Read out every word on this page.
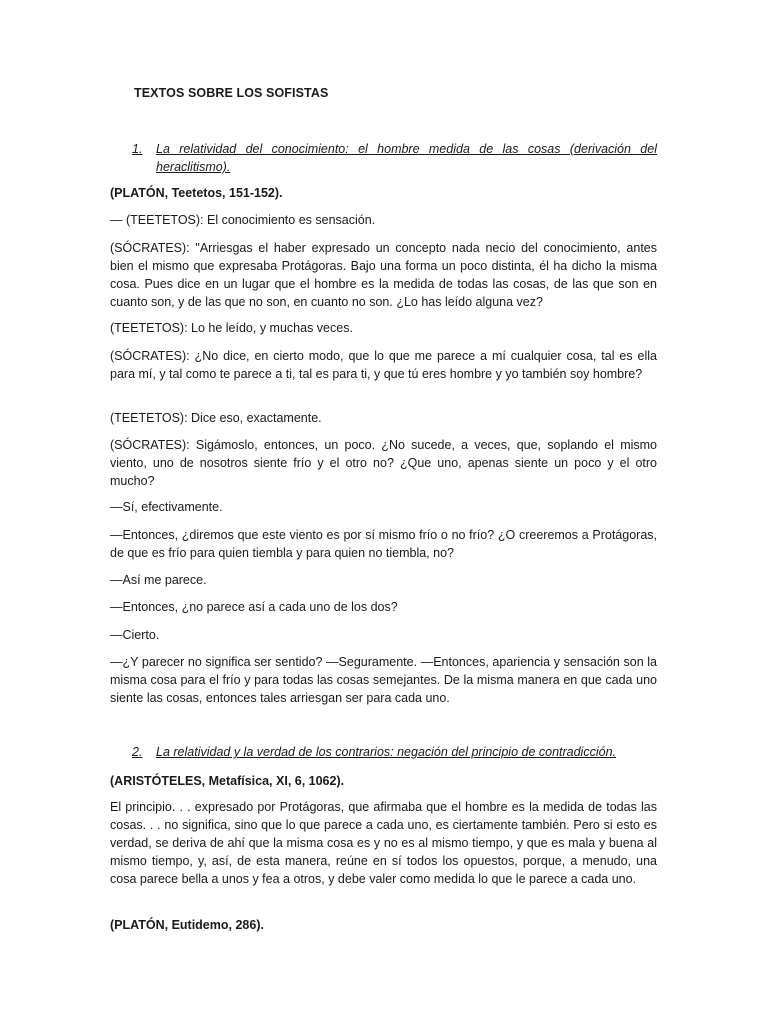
TEXTOS SOBRE LOS SOFISTAS
1. La relatividad del conocimiento: el hombre medida de las cosas (derivación del heraclitismo).
(PLATÓN, Teetetos, 151-152).
— (TEETETOS): El conocimiento es sensación.
(SÓCRATES): "Arriesgas el haber expresado un concepto nada necio del conocimiento, antes bien el mismo que expresaba Protágoras. Bajo una forma un poco distinta, él ha dicho la misma cosa. Pues dice en un lugar que el hombre es la medida de todas las cosas, de las que son en cuanto son, y de las que no son, en cuanto no son. ¿Lo has leído alguna vez?
(TEETETOS): Lo he leído, y muchas veces.
(SÓCRATES): ¿No dice, en cierto modo, que lo que me parece a mí cualquier cosa, tal es ella para mí, y tal como te parece a ti, tal es para ti, y que tú eres hombre y yo también soy hombre?
(TEETETOS): Dice eso, exactamente.
(SÓCRATES): Sigámoslo, entonces, un poco. ¿No sucede, a veces, que, soplando el mismo viento, uno de nosotros siente frío y el otro no? ¿Que uno, apenas siente un poco y el otro mucho?
—Sí, efectivamente.
—Entonces, ¿diremos que este viento es por sí mismo frío o no frío? ¿O creeremos a Protágoras, de que es frío para quien tiembla y para quien no tiembla, no?
—Así me parece.
—Entonces, ¿no parece así a cada uno de los dos?
—Cierto.
—¿Y parecer no significa ser sentido? —Seguramente. —Entonces, apariencia y sensación son la misma cosa para el frío y para todas las cosas semejantes. De la misma manera en que cada uno siente las cosas, entonces tales arriesgan ser para cada uno.
2. La relatividad y la verdad de los contrarios: negación del principio de contradicción.
(ARISTÓTELES, Metafísica, XI, 6, 1062).
El principio. . . expresado por Protágoras, que afirmaba que el hombre es la medida de todas las cosas. . . no significa, sino que lo que parece a cada uno, es ciertamente también. Pero si esto es verdad, se deriva de ahí que la misma cosa es y no es al mismo tiempo, y que es mala y buena al mismo tiempo, y, así, de esta manera, reúne en sí todos los opuestos, porque, a menudo, una cosa parece bella a unos y fea a otros, y debe valer como medida lo que le parece a cada uno.
(PLATÓN, Eutidemo, 286).
